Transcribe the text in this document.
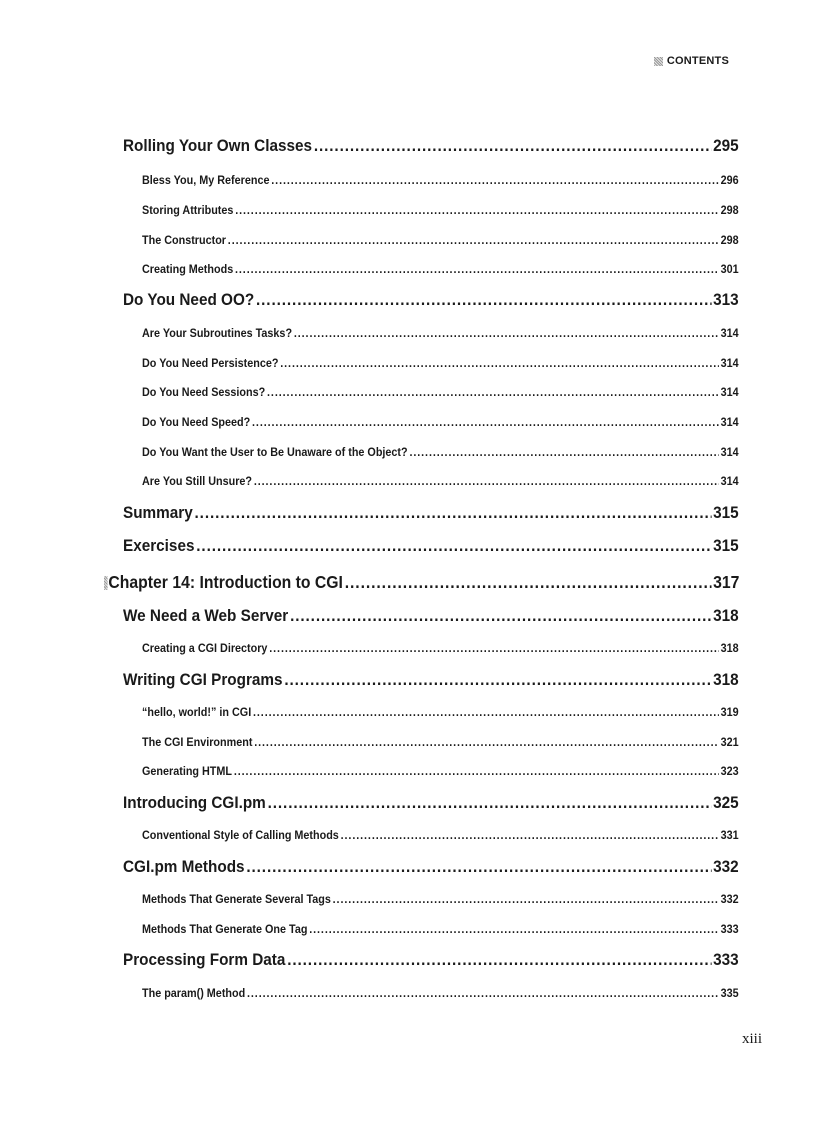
CONTENTS
Rolling Your Own Classes .....	295
Bless You, My Reference .....	296
Storing Attributes .....	298
The Constructor .....	298
Creating Methods .....	301
Do You Need OO? .....	313
Are Your Subroutines Tasks? .....	314
Do You Need Persistence? .....	314
Do You Need Sessions? .....	314
Do You Need Speed? .....	314
Do You Want the User to Be Unaware of the Object? .....	314
Are You Still Unsure? .....	314
Summary .....	315
Exercises .....	315
Chapter 14: Introduction to CGI .....	317
We Need a Web Server .....	318
Creating a CGI Directory .....	318
Writing CGI Programs .....	318
“hello, world!” in CGI .....	319
The CGI Environment .....	321
Generating HTML .....	323
Introducing CGI.pm .....	325
Conventional Style of Calling Methods .....	331
CGI.pm Methods .....	332
Methods That Generate Several Tags .....	332
Methods That Generate One Tag .....	333
Processing Form Data .....	333
The param() Method .....	335
xiii
